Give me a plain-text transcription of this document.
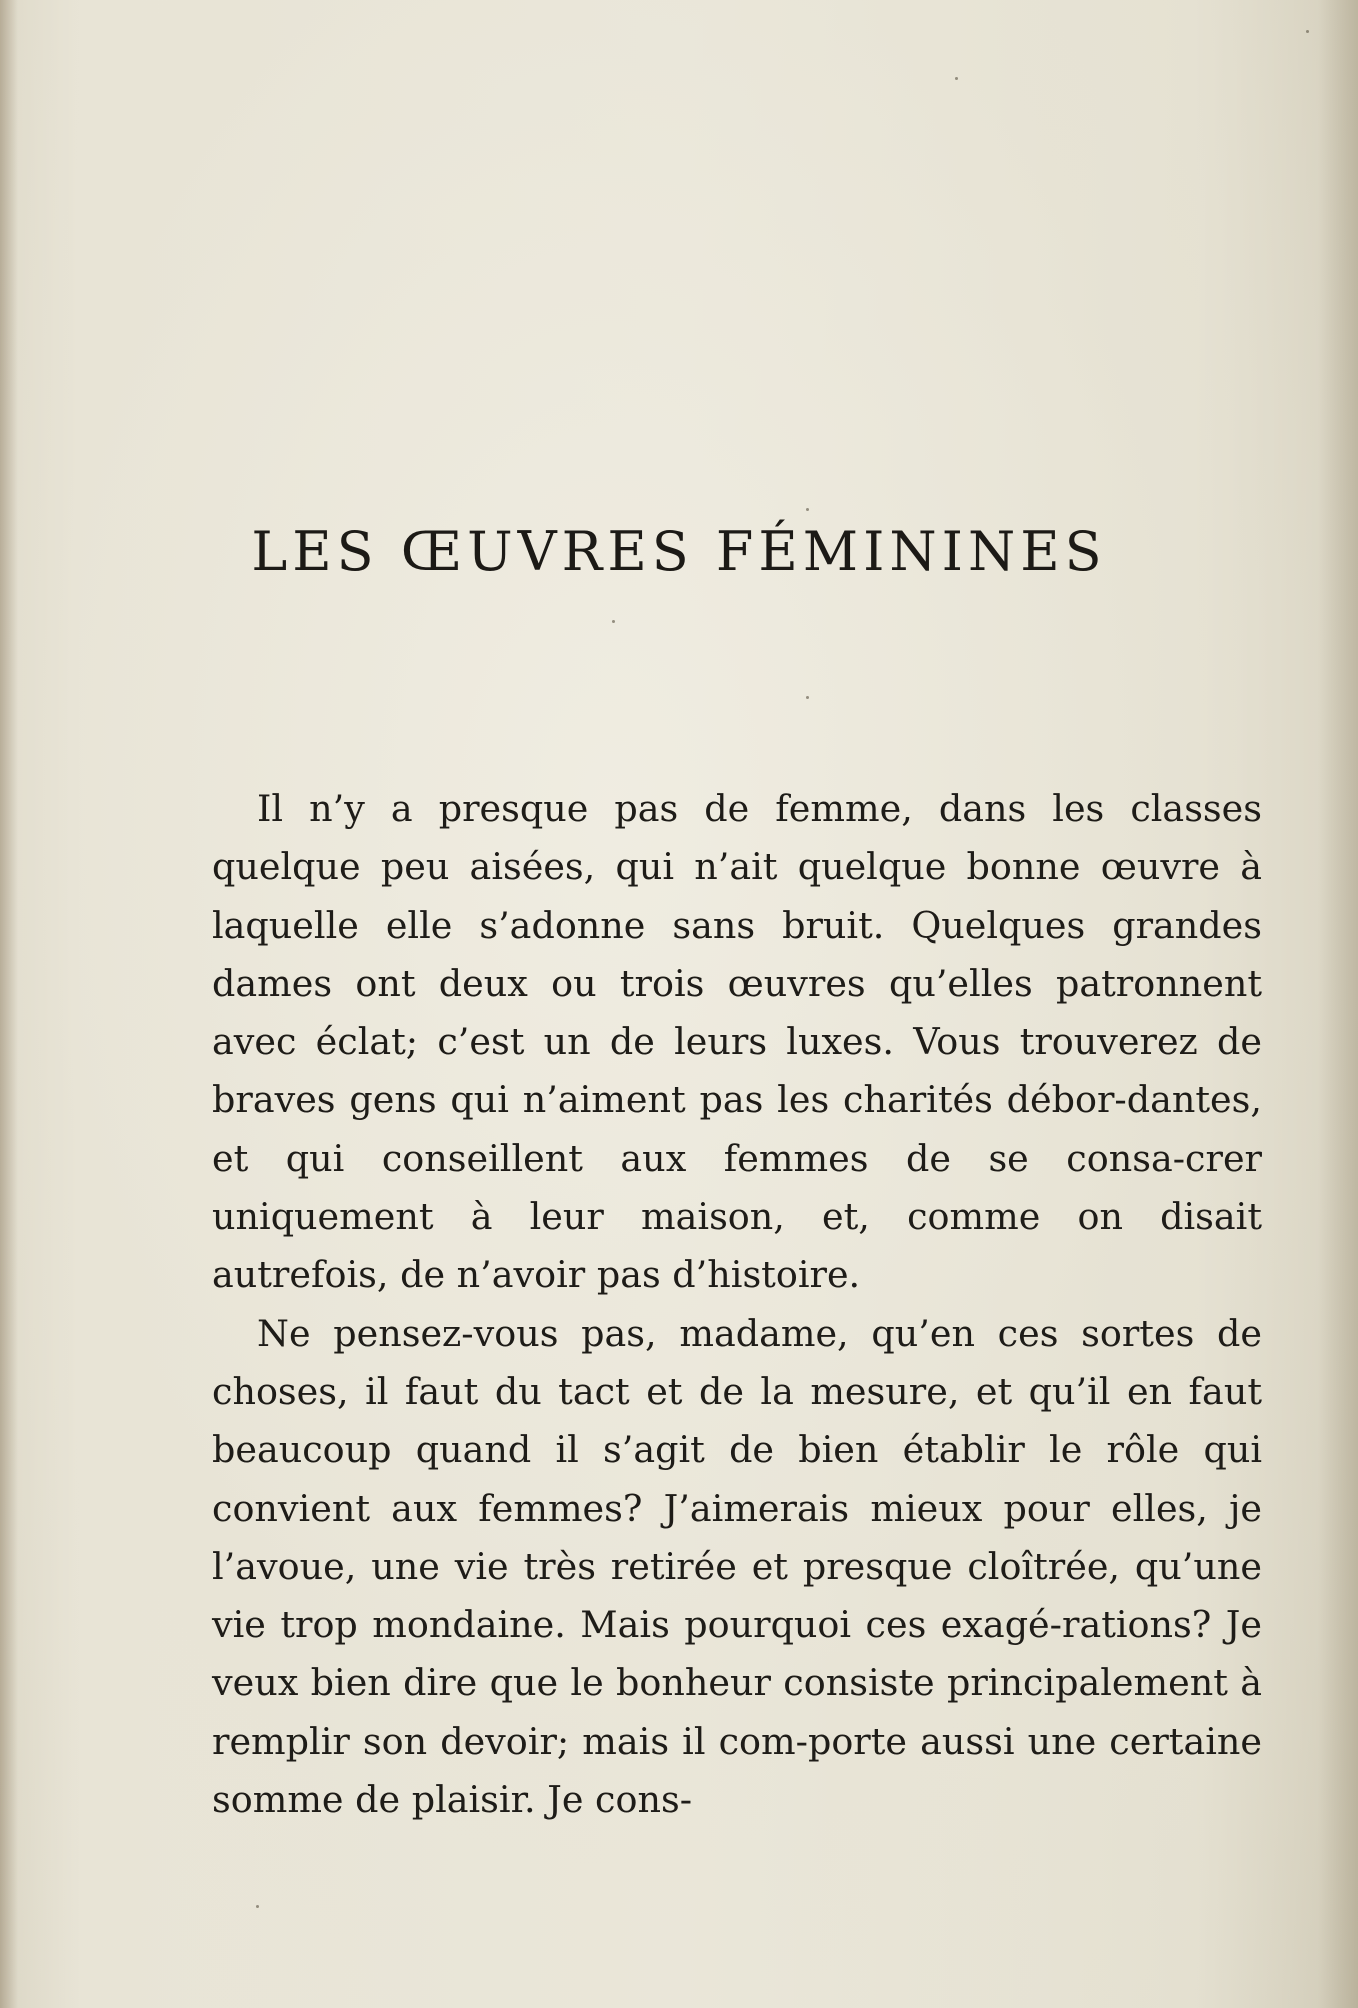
LES ŒUVRES FÉMININES

Il n’y a presque pas de femme, dans les classes quelque peu aisées, qui n’ait quelque bonne œuvre à laquelle elle s’adonne sans bruit. Quelques grandes dames ont deux ou trois œuvres qu’elles patronnent avec éclat; c’est un de leurs luxes. Vous trouverez de braves gens qui n’aiment pas les charités débor-dantes, et qui conseillent aux femmes de se consa-crer uniquement à leur maison, et, comme on disait autrefois, de n’avoir pas d’histoire.

Ne pensez-vous pas, madame, qu’en ces sortes de choses, il faut du tact et de la mesure, et qu’il en faut beaucoup quand il s’agit de bien établir le rôle qui convient aux femmes? J’aimerais mieux pour elles, je l’avoue, une vie très retirée et presque cloîtrée, qu’une vie trop mondaine. Mais pourquoi ces exagé-rations? Je veux bien dire que le bonheur consiste principalement à remplir son devoir; mais il com-porte aussi une certaine somme de plaisir. Je cons-
